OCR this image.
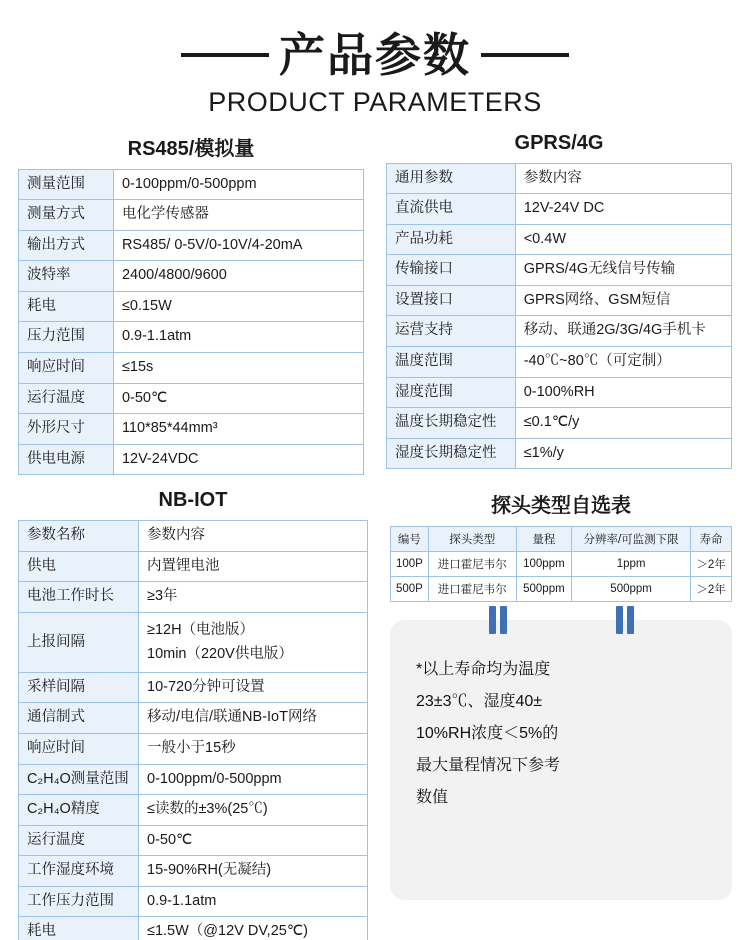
产品参数
PRODUCT PARAMETERS
RS485/模拟量
测量范围	0-100ppm/0-500ppm
测量方式	电化学传感器
输出方式	RS485/ 0-5V/0-10V/4-20mA
波特率	2400/4800/9600
耗电	≤0.15W
压力范围	0.9-1.1atm
响应时间	≤15s
运行温度	0-50℃
外形尺寸	110*85*44mm³
供电电源	12V-24VDC
GPRS/4G
通用参数	参数内容
直流供电	12V-24V DC
产品功耗	<0.4W
传输接口	GPRS/4G无线信号传输
设置接口	GPRS网络、GSM短信
运营支持	移动、联通2G/3G/4G手机卡
温度范围	-40℃~80℃（可定制）
湿度范围	0-100%RH
温度长期稳定性	≤0.1℃/y
湿度长期稳定性	≤1%/y
NB-IOT
参数名称	参数内容

供电	内置锂电池

电池工作时长	≥3年

上报间隔	≥12H（电池版）
10min（220V供电版）

采样间隔	10-720分钟可设置

通信制式	移动/电信/联通NB-IoT网络

响应时间	一般小于15秒

C₂H₄O测量范围	0-100ppm/0-500ppm

C₂H₄O精度	≤读数的±3%(25℃)

运行温度	0-50℃

工作湿度环境	15-90%RH(无凝结)

工作压力范围	0.9-1.1atm

耗电	≤1.5W（@12V DV,25℃)
探头类型自选表
编号	探头类型	量程	分辨率/可监测下限	寿命
100P	进口霍尼韦尔	100ppm	1ppm	＞2年
500P	进口霍尼韦尔	500ppm	500ppm	＞2年
*以上寿命均为温度
23±3℃、湿度40±
10%RH浓度＜5%的
最大量程情况下参考
数值
